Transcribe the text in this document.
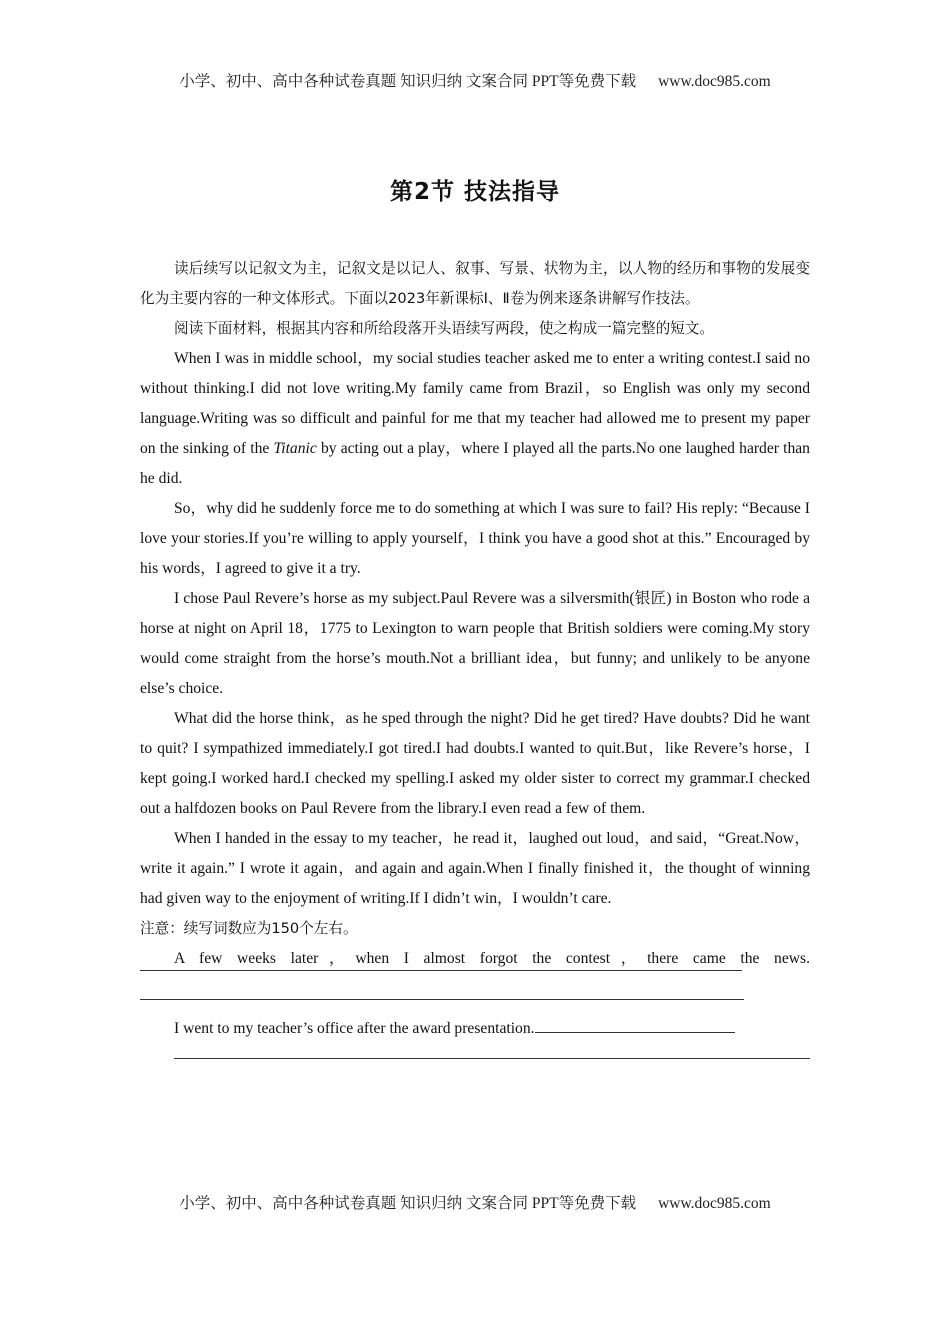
小学、初中、高中各种试卷真题 知识归纳 文案合同 PPT等免费下载 www.doc985.com
第2节 技法指导

读后续写以记叙文为主，记叙文是以记人、叙事、写景、状物为主，以人物的经历和事物的发展变化为主要内容的一种文体形式。下面以2023年新课标Ⅰ、Ⅱ卷为例来逐条讲解写作技法。

阅读下面材料，根据其内容和所给段落开头语续写两段，使之构成一篇完整的短文。

When I was in middle school，my social studies teacher asked me to enter a writing contest.I said no without thinking.I did not love writing.My family came from Brazil，so English was only my second language.Writing was so difficult and painful for me that my teacher had allowed me to present my paper on the sinking of the Titanic by acting out a play，where I played all the parts.No one laughed harder than he did.

So，why did he suddenly force me to do something at which I was sure to fail? His reply: “Because I love your stories.If you’re willing to apply yourself，I think you have a good shot at this.” Encouraged by his words，I agreed to give it a try.

I chose Paul Revere’s horse as my subject.Paul Revere was a silversmith(银匠) in Boston who rode a horse at night on April 18，1775 to Lexington to warn people that British soldiers were coming.My story would come straight from the horse’s mouth.Not a brilliant idea，but funny; and unlikely to be anyone else’s choice.

What did the horse think，as he sped through the night? Did he get tired? Have doubts? Did he want to quit? I sympathized immediately.I got tired.I had doubts.I wanted to quit.But，like Revere’s horse，I kept going.I worked hard.I checked my spelling.I asked my older sister to correct my grammar.I checked out a halfdozen books on Paul Revere from the library.I even read a few of them.

When I handed in the essay to my teacher，he read it，laughed out loud，and said，“Great.Now，write it again.” I wrote it again，and again and again.When I finally finished it，the thought of winning had given way to the enjoyment of writing.If I didn’t win，I wouldn’t care.

注意：续写词数应为150个左右。

A few weeks later，when I almost forgot the contest，there came the news.

I went to my teacher’s office after the award presentation.

小学、初中、高中各种试卷真题 知识归纳 文案合同 PPT等免费下载 www.doc985.com
